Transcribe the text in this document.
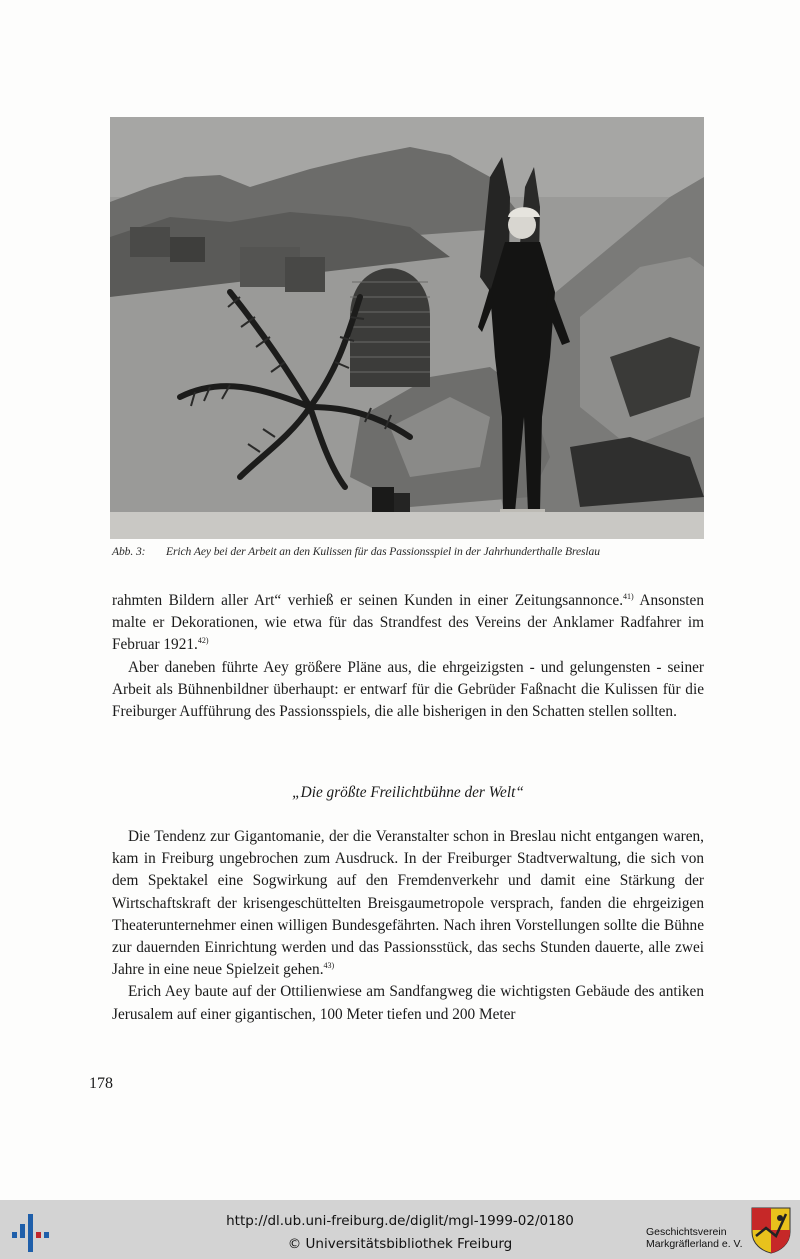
Abb. 3: Erich Aey bei der Arbeit an den Kulissen für das Passionsspiel in der Jahrhunderthalle Breslau

rahmten Bildern aller Art“ verhieß er seinen Kunden in einer Zeitungsannonce.$^{41)}$ Ansonsten malte er Dekorationen, wie etwa für das Strandfest des Vereins der Anklamer Radfahrer im Februar 1921.$^{42)}$

Aber daneben führte Aey größere Pläne aus, die ehrgeizigsten - und gelungensten - seiner Arbeit als Bühnenbildner überhaupt: er entwarf für die Gebrüder Faßnacht die Kulissen für die Freiburger Aufführung des Passionsspiels, die alle bisherigen in den Schatten stellen sollten.

„Die größte Freilichtbühne der Welt“

Die Tendenz zur Gigantomanie, der die Veranstalter schon in Breslau nicht entgangen waren, kam in Freiburg ungebrochen zum Ausdruck. In der Freiburger Stadtverwaltung, die sich von dem Spektakel eine Sogwirkung auf den Fremdenverkehr und damit eine Stärkung der Wirtschaftskraft der krisengeschüttelten Breisgaumetropole versprach, fanden die ehrgeizigen Theaterunternehmer einen willigen Bundesgefährten. Nach ihren Vorstellungen sollte die Bühne zur dauernden Einrichtung werden und das Passionsstück, das sechs Stunden dauerte, alle zwei Jahre in eine neue Spielzeit gehen.$^{43)}$

Erich Aey baute auf der Ottilienwiese am Sandfangweg die wichtigsten Gebäude des antiken Jerusalem auf einer gigantischen, 100 Meter tiefen und 200 Meter

178
http://dl.ub.uni-freiburg.de/diglit/mgl-1999-02/0180
© Universitätsbibliothek Freiburg
Geschichtsverein
Markgräflerland e. V.
